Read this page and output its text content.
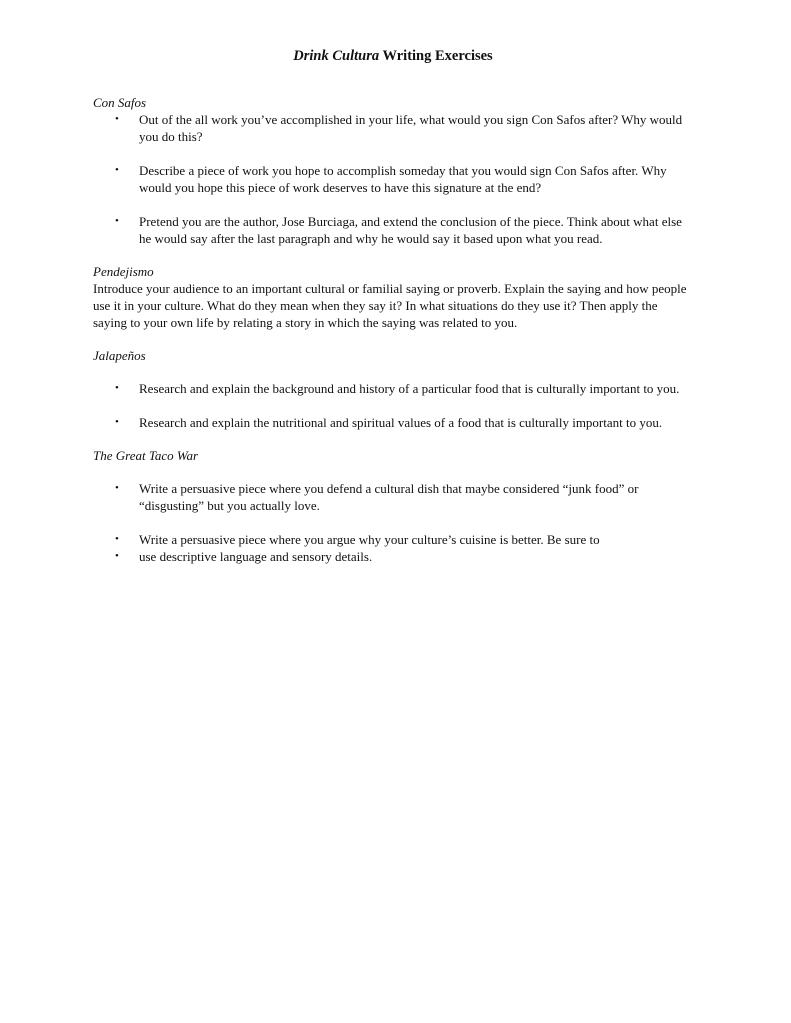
Drink Cultura Writing Exercises
Con Safos
• Out of the all work you’ve accomplished in your life, what would you sign Con Safos after? Why would you do this?
• Describe a piece of work you hope to accomplish someday that you would sign Con Safos after. Why would you hope this piece of work deserves to have this signature at the end?
• Pretend you are the author, Jose Burciaga, and extend the conclusion of the piece. Think about what else he would say after the last paragraph and why he would say it based upon what you read.
Pendejismo

Introduce your audience to an important cultural or familial saying or proverb. Explain the saying and how people use it in your culture. What do they mean when they say it? In what situations do they use it? Then apply the saying to your own life by relating a story in which the saying was related to you.

Jalapeños
• Research and explain the background and history of a particular food that is culturally important to you.
• Research and explain the nutritional and spiritual values of a food that is culturally important to you.
The Great Taco War
• Write a persuasive piece where you defend a cultural dish that maybe considered “junk food” or “disgusting” but you actually love.
• Write a persuasive piece where you argue why your culture’s cuisine is better. Be sure to
• use descriptive language and sensory details.
